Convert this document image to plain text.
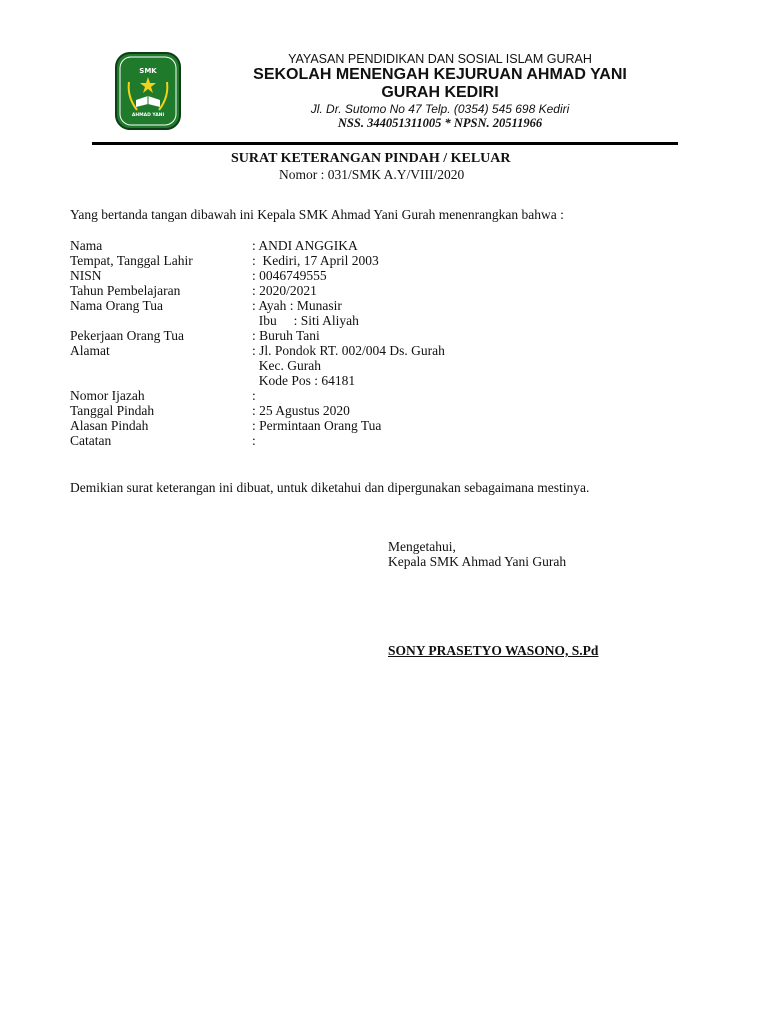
SMK
AHMAD YANI
YAYASAN PENDIDIKAN DAN SOSIAL ISLAM GURAH
SEKOLAH MENENGAH KEJURUAN AHMAD YANI
GURAH KEDIRI
Jl. Dr. Sutomo No 47 Telp. (0354) 545 698 Kediri
NSS. 344051311005 * NPSN. 20511966
SURAT KETERANGAN PINDAH / KELUAR
Nomor : 031/SMK A.Y/VIII/2020
Yang bertanda tangan dibawah ini Kepala SMK Ahmad Yani Gurah menenrangkan bahwa :
Nama	: ANDI ANGGIKA
Tempat, Tanggal Lahir	:  Kediri, 17 April 2003
NISN	: 0046749555
Tahun Pembelajaran	: 2020/2021
Nama Orang Tua	: Ayah : Munasir
Ibu     : Siti Aliyah
Pekerjaan Orang Tua	: Buruh Tani
Alamat	: Jl. Pondok RT. 002/004 Ds. Gurah
Kec. Gurah
Kode Pos : 64181
Nomor Ijazah	:
Tanggal Pindah	: 25 Agustus 2020
Alasan Pindah	: Permintaan Orang Tua
Catatan	:
Demikian surat keterangan ini dibuat, untuk diketahui dan dipergunakan sebagaimana mestinya.
Mengetahui,
Kepala SMK Ahmad Yani Gurah
SONY PRASETYO WASONO, S.Pd
